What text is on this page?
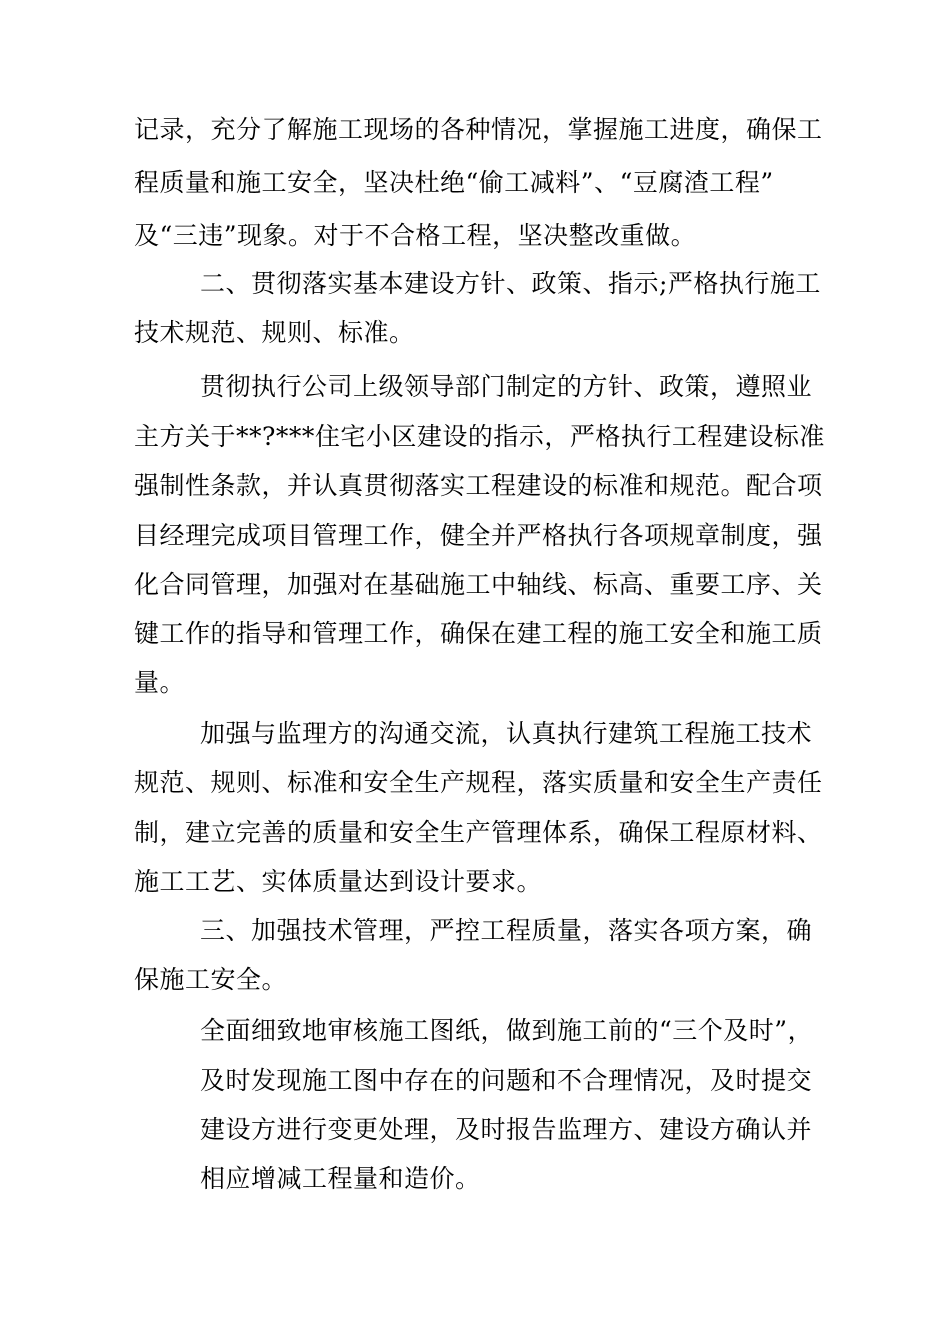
记录，充分了解施工现场的各种情况，掌握施工进度，确保工
程质量和施工安全，坚决杜绝“偷工减料”、“豆腐渣工程”
及“三违”现象。对于不合格工程，坚决整改重做。
二、贯彻落实基本建设方针、政策、指示;严格执行施工
技术规范、规则、标准。
贯彻执行公司上级领导部门制定的方针、政策，遵照业
主方关于**?***住宅小区建设的指示，严格执行工程建设标准
强制性条款，并认真贯彻落实工程建设的标准和规范。配合项
目经理完成项目管理工作，健全并严格执行各项规章制度，强
化合同管理，加强对在基础施工中轴线、标高、重要工序、关
键工作的指导和管理工作，确保在建工程的施工安全和施工质
量。
加强与监理方的沟通交流，认真执行建筑工程施工技术
规范、规则、标准和安全生产规程，落实质量和安全生产责任
制，建立完善的质量和安全生产管理体系，确保工程原材料、
施工工艺、实体质量达到设计要求。
三、加强技术管理，严控工程质量，落实各项方案，确
保施工安全。
全面细致地审核施工图纸，做到施工前的“三个及时”，
及时发现施工图中存在的问题和不合理情况，及时提交
建设方进行变更处理，及时报告监理方、建设方确认并
相应增减工程量和造价。
